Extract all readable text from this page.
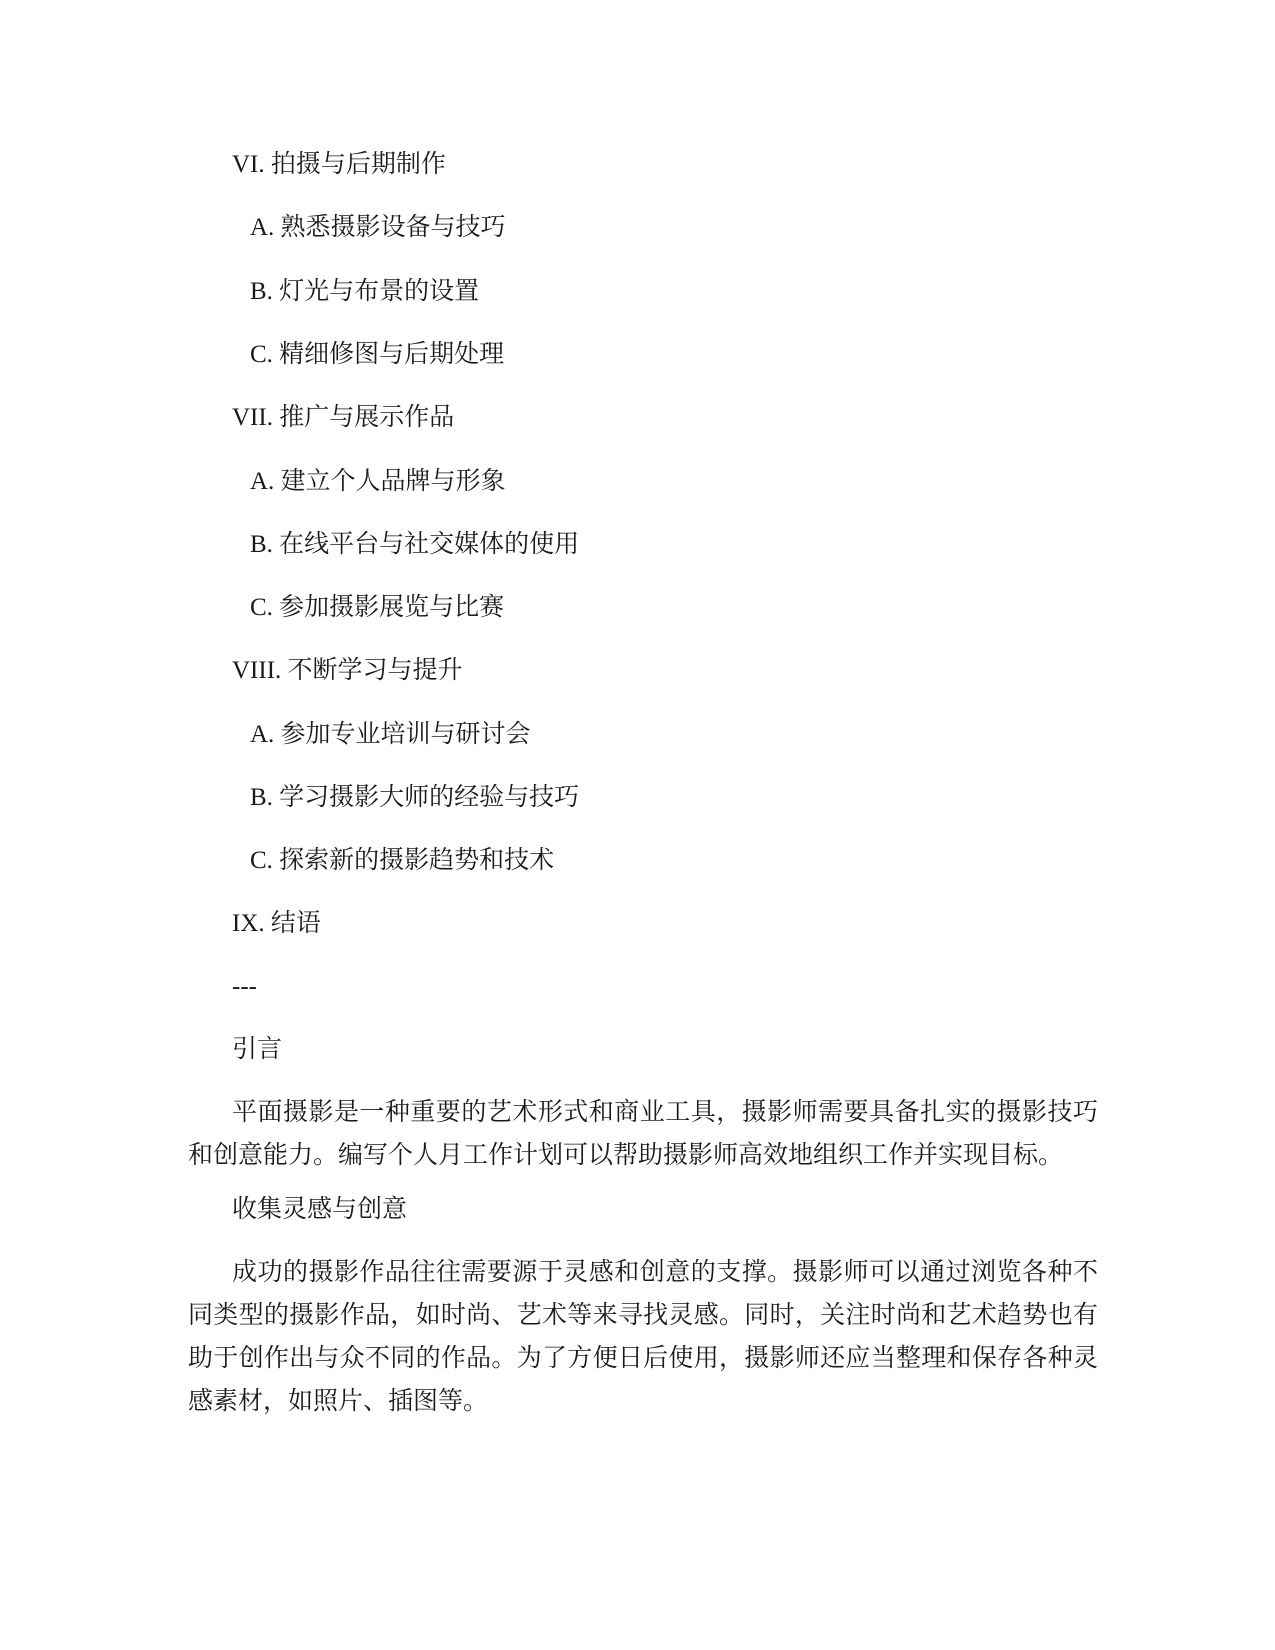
VI. 拍摄与后期制作

A. 熟悉摄影设备与技巧

B. 灯光与布景的设置

C. 精细修图与后期处理

VII. 推广与展示作品

A. 建立个人品牌与形象

B. 在线平台与社交媒体的使用

C. 参加摄影展览与比赛

VIII. 不断学习与提升

A. 参加专业培训与研讨会

B. 学习摄影大师的经验与技巧

C. 探索新的摄影趋势和技术

IX. 结语

---

引言

平面摄影是一种重要的艺术形式和商业工具，摄影师需要具备扎实的摄影技巧和创意能力。编写个人月工作计划可以帮助摄影师高效地组织工作并实现目标。

收集灵感与创意

成功的摄影作品往往需要源于灵感和创意的支撑。摄影师可以通过浏览各种不同类型的摄影作品，如时尚、艺术等来寻找灵感。同时，关注时尚和艺术趋势也有助于创作出与众不同的作品。为了方便日后使用，摄影师还应当整理和保存各种灵感素材，如照片、插图等。
